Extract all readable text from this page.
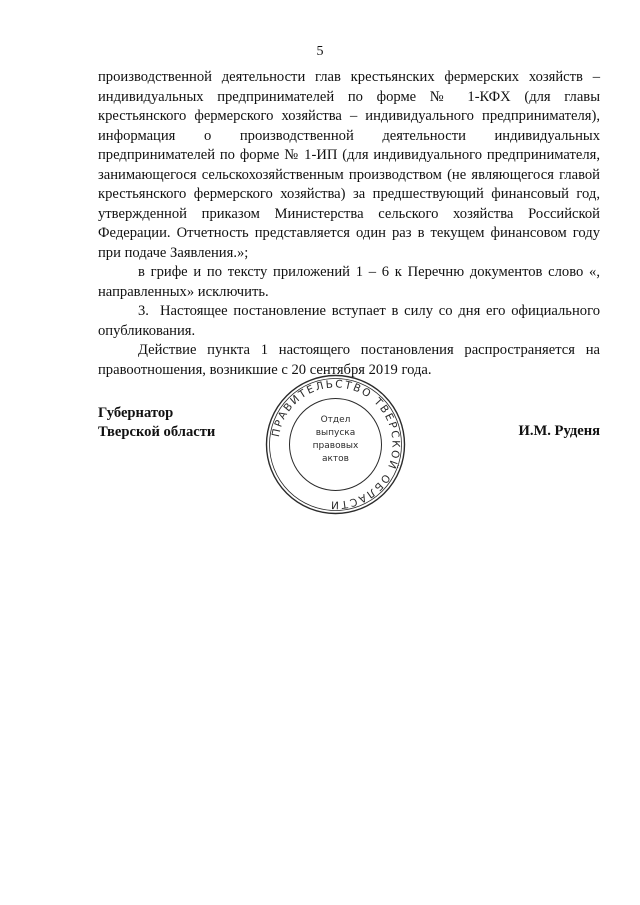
5

производственной деятельности глав крестьянских фермерских хозяйств – индивидуальных предпринимателей по форме № 1-КФХ (для главы крестьянского фермерского хозяйства – индивидуального предпринимателя), информация о производственной деятельности индивидуальных предпринимателей по форме № 1-ИП (для индивидуального предпринимателя, занимающегося сельскохозяйственным производством (не являющегося главой крестьянского фермерского хозяйства) за предшествующий финансовый год, утвержденной приказом Министерства сельского хозяйства Российской Федерации. Отчетность представляется один раз в текущем финансовом году при подаче Заявления.»;

в грифе и по тексту приложений 1 – 6 к Перечню документов слово «, направленных» исключить.

3. Настоящее постановление вступает в силу со дня его официального опубликования.

Действие пункта 1 настоящего постановления распространяется на правоотношения, возникшие с 20 сентября 2019 года.

Губернатор
Тверской области	ПРАВИТЕЛЬСТВО ТВЕРСКОЙ ОБЛАСТИ
Отдел
выпуска
правовых
актов
И.М. Руденя
